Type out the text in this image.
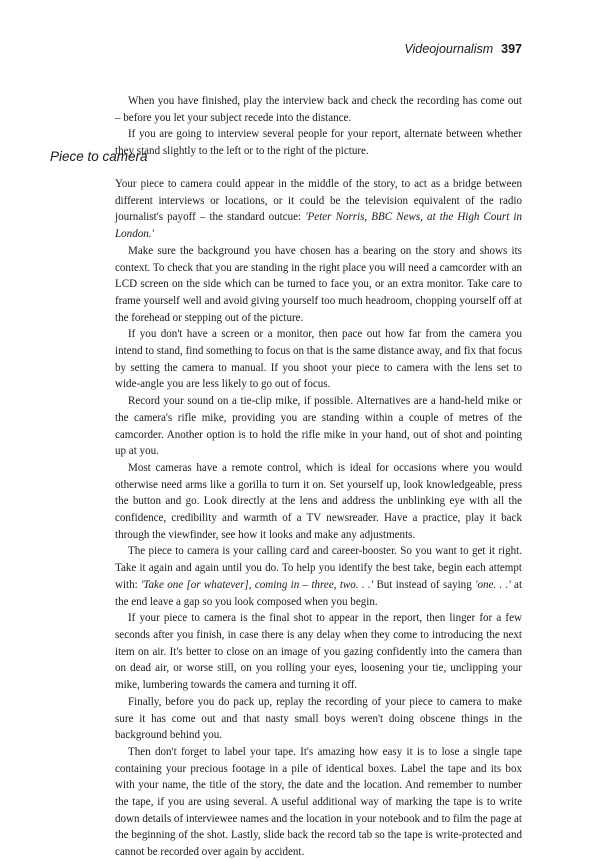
Videojournalism 397

When you have finished, play the interview back and check the recording has come out – before you let your subject recede into the distance.

If you are going to interview several people for your report, alternate between whether they stand slightly to the left or to the right of the picture.

Piece to camera

Your piece to camera could appear in the middle of the story, to act as a bridge between different interviews or locations, or it could be the television equivalent of the radio journalist's payoff – the standard outcue: 'Peter Norris, BBC News, at the High Court in London.'

Make sure the background you have chosen has a bearing on the story and shows its context. To check that you are standing in the right place you will need a camcorder with an LCD screen on the side which can be turned to face you, or an extra monitor. Take care to frame yourself well and avoid giving yourself too much headroom, chopping yourself off at the forehead or stepping out of the picture.

If you don't have a screen or a monitor, then pace out how far from the camera you intend to stand, find something to focus on that is the same distance away, and fix that focus by setting the camera to manual. If you shoot your piece to camera with the lens set to wide-angle you are less likely to go out of focus.

Record your sound on a tie-clip mike, if possible. Alternatives are a hand-held mike or the camera's rifle mike, providing you are standing within a couple of metres of the camcorder. Another option is to hold the rifle mike in your hand, out of shot and pointing up at you.

Most cameras have a remote control, which is ideal for occasions where you would otherwise need arms like a gorilla to turn it on. Set yourself up, look knowledgeable, press the button and go. Look directly at the lens and address the unblinking eye with all the confidence, credibility and warmth of a TV newsreader. Have a practice, play it back through the viewfinder, see how it looks and make any adjustments.

The piece to camera is your calling card and career-booster. So you want to get it right. Take it again and again until you do. To help you identify the best take, begin each attempt with: 'Take one [or whatever], coming in – three, two. . .' But instead of saying 'one. . .' at the end leave a gap so you look composed when you begin.

If your piece to camera is the final shot to appear in the report, then linger for a few seconds after you finish, in case there is any delay when they come to introducing the next item on air. It's better to close on an image of you gazing confidently into the camera than on dead air, or worse still, on you rolling your eyes, loosening your tie, unclipping your mike, lumbering towards the camera and turning it off.

Finally, before you do pack up, replay the recording of your piece to camera to make sure it has come out and that nasty small boys weren't doing obscene things in the background behind you.

Then don't forget to label your tape. It's amazing how easy it is to lose a single tape containing your precious footage in a pile of identical boxes. Label the tape and its box with your name, the title of the story, the date and the location. And remember to number the tape, if you are using several. A useful additional way of marking the tape is to write down details of interviewee names and the location in your notebook and to film the page at the beginning of the shot. Lastly, slide back the record tab so the tape is write-protected and cannot be recorded over again by accident.
